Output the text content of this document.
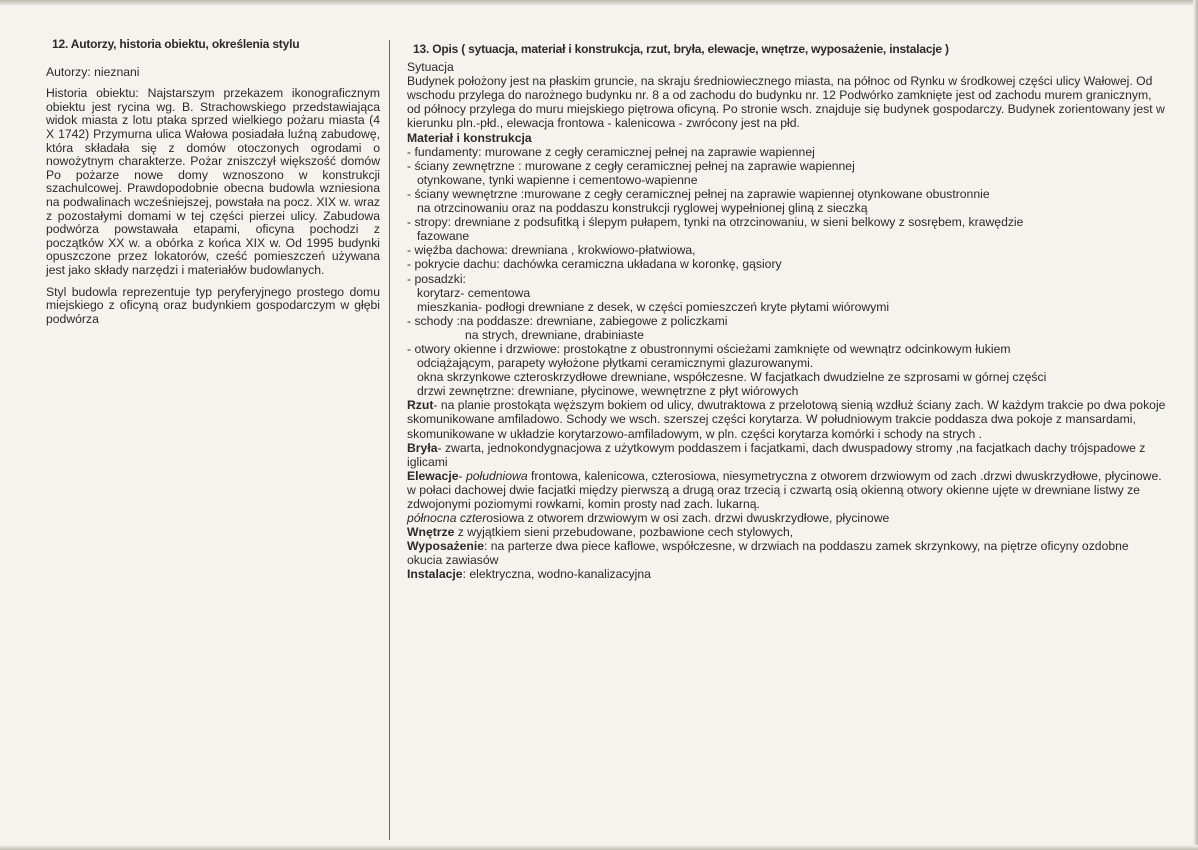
12. Autorzy, historia obiektu, określenia stylu

Autorzy: nieznani

Historia obiektu: Najstarszym przekazem ikonograficznym obiektu jest rycina wg. B. Strachowskiego przedstawiająca widok miasta z lotu ptaka sprzed wielkiego pożaru miasta (4 X 1742) Przymurna ulica Wałowa posiadała luźną zabudowę, która składała się z domów otoczonych ogrodami o nowożytnym charakterze. Pożar zniszczył większość domów Po pożarze nowe domy wznoszono w konstrukcji szachulcowej. Prawdopodobnie obecna budowla wzniesiona na podwalinach wcześniejszej, powstała na pocz. XIX w. wraz z pozostałymi domami w tej części pierzei ulicy. Zabudowa podwórza powstawała etapami, oficyna pochodzi z początków XX w. a obórka z końca XIX w. Od 1995 budynki opuszczone przez lokatorów, cześć pomieszczeń używana jest jako składy narzędzi i materiałów budowlanych.

Styl budowla reprezentuje typ peryferyjnego prostego domu miejskiego z oficyną oraz budynkiem gospodarczym w głębi podwórza

13. Opis ( sytuacja, materiał i konstrukcja, rzut, bryła, elewacje, wnętrze, wyposażenie, instalacje )

Sytuacja

Budynek położony jest na płaskim gruncie, na skraju średniowiecznego miasta, na północ od Rynku w środkowej części ulicy Wałowej. Od wschodu przylega do narożnego budynku nr. 8 a od zachodu do budynku nr. 12 Podwórko zamknięte jest od zachodu murem granicznym, od północy przylega do muru miejskiego piętrowa oficyną. Po stronie wsch. znajduje się budynek gospodarczy. Budynek zorientowany jest w kierunku pln.-płd., elewacja frontowa - kalenicowa - zwrócony jest na płd.

Materiał i konstrukcja

- fundamenty: murowane z cegły ceramicznej pełnej na zaprawie wapiennej

- ściany zewnętrzne : murowane z cegły ceramicznej pełnej na zaprawie wapiennej

otynkowane, tynki wapienne i cementowo-wapienne

- ściany wewnętrzne :murowane z cegły ceramicznej pełnej na zaprawie wapiennej otynkowane obustronnie

na otrzcinowaniu oraz na poddaszu konstrukcji ryglowej wypełnionej gliną z sieczką

- stropy: drewniane z podsufitką i ślepym pułapem, tynki na otrzcinowaniu, w sieni belkowy z sosrębem, krawędzie

fazowane

- więźba dachowa: drewniana , krokwiowo-płatwiowa,

- pokrycie dachu: dachówka ceramiczna układana w koronkę, gąsiory

- posadzki:

korytarz- cementowa

mieszkania- podłogi drewniane z desek, w części pomieszczeń kryte płytami wiórowymi

- schody :na poddasze: drewniane, zabiegowe z policzkami

na strych, drewniane, drabiniaste

- otwory okienne i drzwiowe: prostokątne z obustronnymi ościeżami zamknięte od wewnątrz odcinkowym łukiem

odciążającym, parapety wyłożone płytkami ceramicznymi glazurowanymi.

okna skrzynkowe czteroskrzydłowe drewniane, współczesne. W facjatkach dwudzielne ze szprosami w górnej części

drzwi zewnętrzne: drewniane, płycinowe, wewnętrzne z płyt wiórowych

Rzut- na planie prostokąta węższym bokiem od ulicy, dwutraktowa z przelotową sienią wzdłuż ściany zach. W każdym trakcie po dwa pokoje skomunikowane amfiladowo. Schody we wsch. szerszej części korytarza. W południowym trakcie poddasza dwa pokoje z mansardami, skomunikowane w układzie korytarzowo-amfiladowym, w pln. części korytarza komórki i schody na strych .

Bryła- zwarta, jednokondygnacjowa z użytkowym poddaszem i facjatkami, dach dwuspadowy stromy ,na facjatkach dachy trójspadowe z iglicami

Elewacje- południowa frontowa, kalenicowa, czterosiowa, niesymetryczna z otworem drzwiowym od zach .drzwi dwuskrzydłowe, płycinowe. w połaci dachowej dwie facjatki między pierwszą a drugą oraz trzecią i czwartą osią okienną otwory okienne ujęte w drewniane listwy ze zdwojonymi poziomymi rowkami, komin prosty nad zach. lukarną.
północna czterosiowa z otworem drzwiowym w osi zach. drzwi dwuskrzydłowe, płycinowe

Wnętrze z wyjątkiem sieni przebudowane, pozbawione cech stylowych,

Wyposażenie: na parterze dwa piece kaflowe, współczesne, w drzwiach na poddaszu zamek skrzynkowy, na piętrze oficyny ozdobne okucia zawiasów

Instalacje: elektryczna, wodno-kanalizacyjna
